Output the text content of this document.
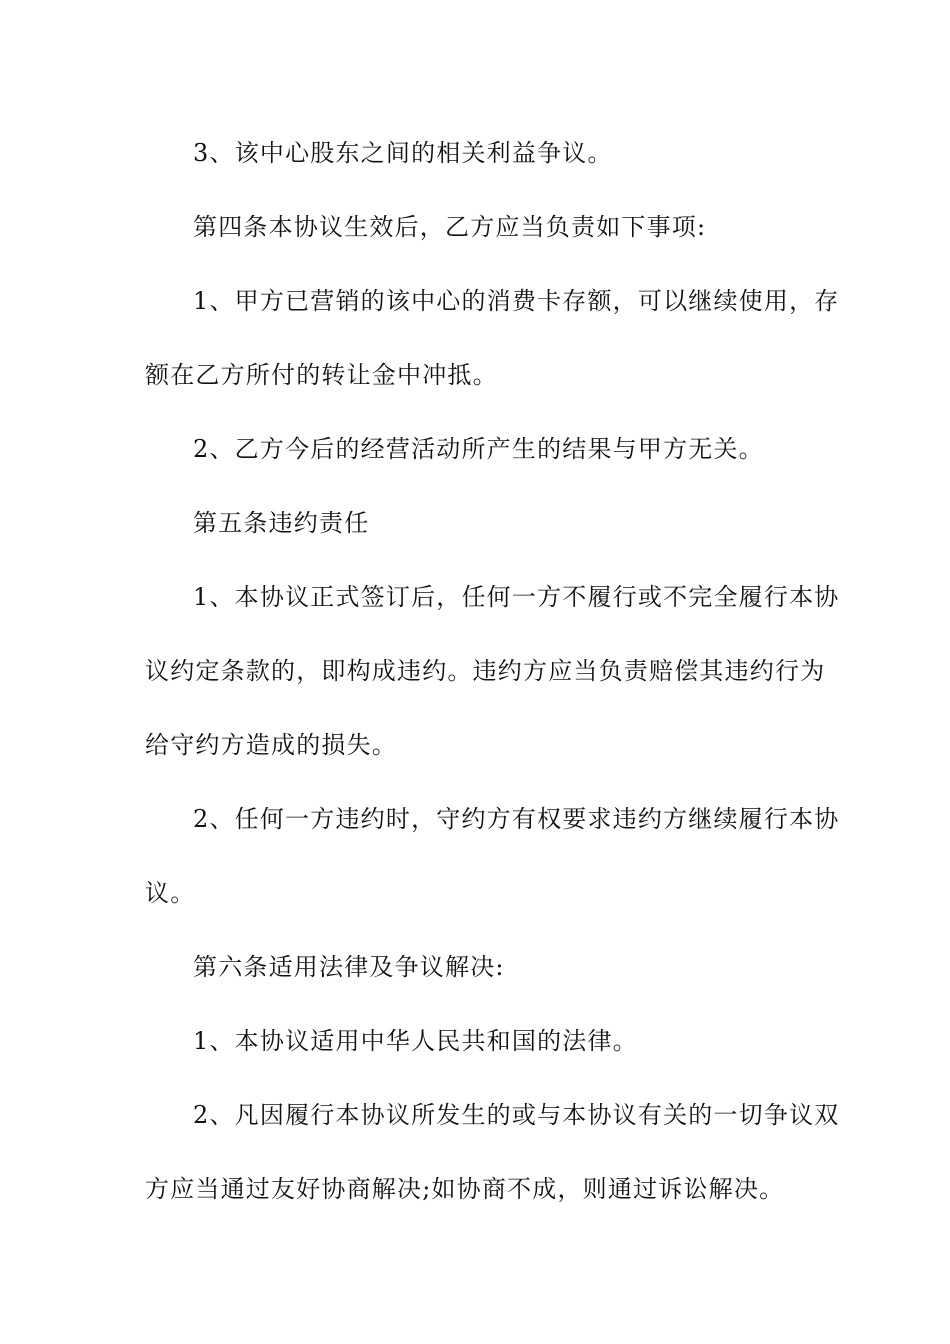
3、该中心股东之间的相关利益争议。
第四条本协议生效后，乙方应当负责如下事项:
1、甲方已营销的该中心的消费卡存额，可以继续使用，存
额在乙方所付的转让金中冲抵。
2、乙方今后的经营活动所产生的结果与甲方无关。
第五条违约责任
1、本协议正式签订后，任何一方不履行或不完全履行本协
议约定条款的，即构成违约。违约方应当负责赔偿其违约行为
给守约方造成的损失。
2、任何一方违约时，守约方有权要求违约方继续履行本协
议。
第六条适用法律及争议解决:
1、本协议适用中华人民共和国的法律。
2、凡因履行本协议所发生的或与本协议有关的一切争议双
方应当通过友好协商解决;如协商不成，则通过诉讼解决。
